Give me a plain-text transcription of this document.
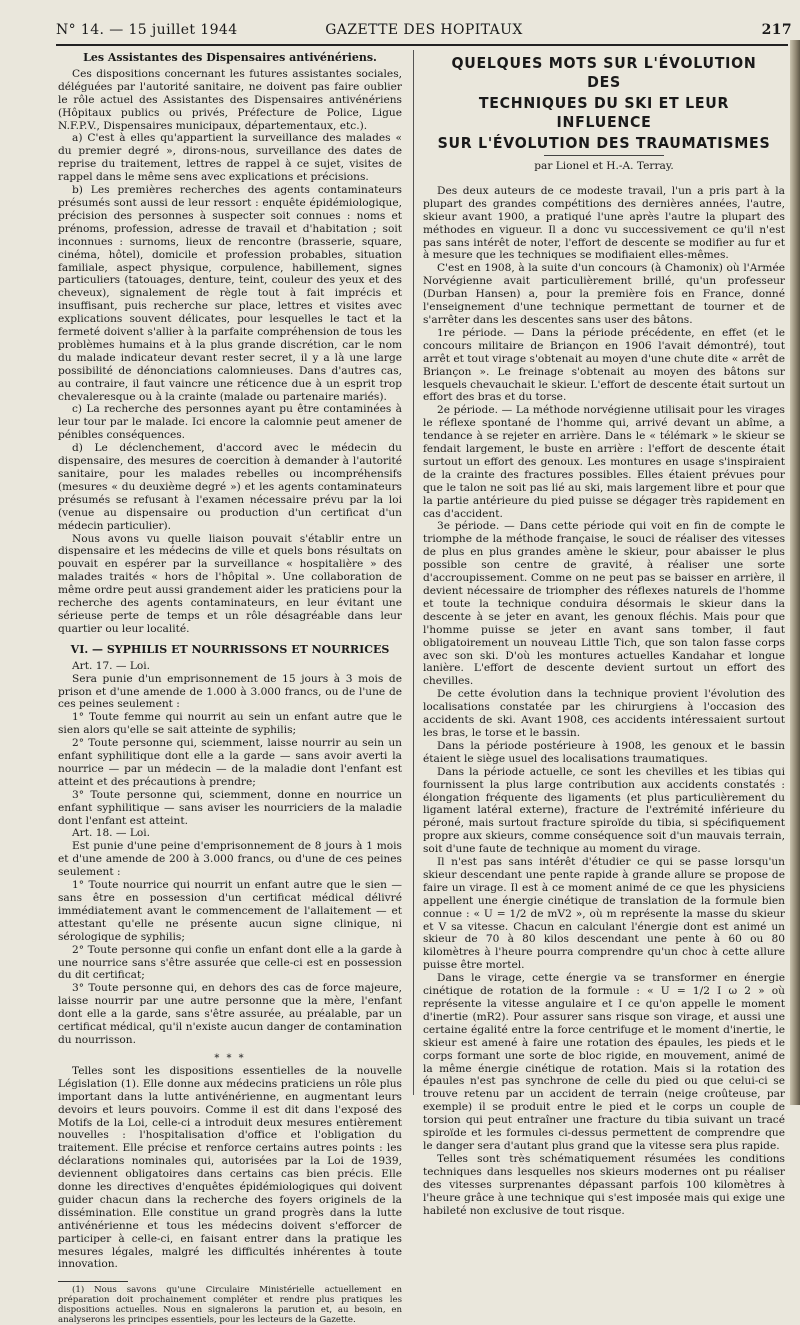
N° 14. — 15 juillet 1944	GAZETTE DES HOPITAUX	217
Les Assistantes des Dispensaires antivénériens.

Ces dispositions concernant les futures assistantes sociales, déléguées par l'autorité sanitaire, ne doivent pas faire oublier le rôle actuel des Assistantes des Dispensaires antivénériens (Hôpitaux publics ou privés, Préfecture de Police, Ligue N.F.P.V., Dispensaires municipaux, départementaux, etc.).

a) C'est à elles qu'appartient la surveillance des malades « du premier degré », dirons-nous, surveillance des dates de reprise du traitement, lettres de rappel à ce sujet, visites de rappel dans le même sens avec explications et précisions.

b) Les premières recherches des agents contaminateurs présumés sont aussi de leur ressort : enquête épidémiologique, précision des personnes à suspecter soit connues : noms et prénoms, profession, adresse de travail et d'habitation ; soit inconnues : surnoms, lieux de rencontre (brasserie, square, cinéma, hôtel), domicile et profession probables, situation familiale, aspect physique, corpulence, habillement, signes particuliers (tatouages, denture, teint, couleur des yeux et des cheveux), signalement de règle tout à fait imprécis et insuffisant, puis recherche sur place, lettres et visites avec explications souvent délicates, pour lesquelles le tact et la fermeté doivent s'allier à la parfaite compréhension de tous les problèmes humains et à la plus grande discrétion, car le nom du malade indicateur devant rester secret, il y a là une large possibilité de dénonciations calomnieuses. Dans d'autres cas, au contraire, il faut vaincre une réticence due à un esprit trop chevaleresque ou à la crainte (malade ou partenaire mariés).

c) La recherche des personnes ayant pu être contaminées à leur tour par le malade. Ici encore la calomnie peut amener de pénibles conséquences.

d) Le déclenchement, d'accord avec le médecin du dispensaire, des mesures de coercition à demander à l'autorité sanitaire, pour les malades rebelles ou incompréhensifs (mesures « du deuxième degré ») et les agents contaminateurs présumés se refusant à l'examen nécessaire prévu par la loi (venue au dispensaire ou production d'un certificat d'un médecin particulier).

Nous avons vu quelle liaison pouvait s'établir entre un dispensaire et les médecins de ville et quels bons résultats on pouvait en espérer par la surveillance « hospitalière » des malades traités « hors de l'hôpital ». Une collaboration de même ordre peut aussi grandement aider les praticiens pour la recherche des agents contaminateurs, en leur évitant une sérieuse perte de temps et un rôle désagréable dans leur quartier ou leur localité.

VI. — SYPHILIS ET NOURRISSONS ET NOURRICES

Art. 17. — Loi.

Sera punie d'un emprisonnement de 15 jours à 3 mois de prison et d'une amende de 1.000 à 3.000 francs, ou de l'une de ces peines seulement :

1° Toute femme qui nourrit au sein un enfant autre que le sien alors qu'elle se sait atteinte de syphilis;

2° Toute personne qui, sciemment, laisse nourrir au sein un enfant syphilitique dont elle a la garde — sans avoir averti la nourrice — par un médecin — de la maladie dont l'enfant est atteint et des précautions à prendre;

3° Toute personne qui, sciemment, donne en nourrice un enfant syphilitique — sans aviser les nourriciers de la maladie dont l'enfant est atteint.

Art. 18. — Loi.

Est punie d'une peine d'emprisonnement de 8 jours à 1 mois et d'une amende de 200 à 3.000 francs, ou d'une de ces peines seulement :

1° Toute nourrice qui nourrit un enfant autre que le sien — sans être en possession d'un certificat médical délivré immédiatement avant le commencement de l'allaitement — et attestant qu'elle ne présente aucun signe clinique, ni sérologique de syphilis;

2° Toute personne qui confie un enfant dont elle a la garde à une nourrice sans s'être assurée que celle-ci est en possession du dit certificat;

3° Toute personne qui, en dehors des cas de force majeure, laisse nourrir par une autre personne que la mère, l'enfant dont elle a la garde, sans s'être assurée, au préalable, par un certificat médical, qu'il n'existe aucun danger de contamination du nourrisson.

* * *

Telles sont les dispositions essentielles de la nouvelle Législation (1). Elle donne aux médecins praticiens un rôle plus important dans la lutte antivénérienne, en augmentant leurs devoirs et leurs pouvoirs. Comme il est dit dans l'exposé des Motifs de la Loi, celle-ci a introduit deux mesures entièrement nouvelles : l'hospitalisation d'office et l'obligation du traitement. Elle précise et renforce certains autres points : les déclarations nominales qui, autorisées par la Loi de 1939, deviennent obligatoires dans certains cas bien précis. Elle donne les directives d'enquêtes épidémiologiques qui doivent guider chacun dans la recherche des foyers originels de la dissémination. Elle constitue un grand progrès dans la lutte antivénérienne et tous les médecins doivent s'efforcer de participer à celle-ci, en faisant entrer dans la pratique les mesures légales, malgré les difficultés inhérentes à toute innovation.

(1) Nous savons qu'une Circulaire Ministérielle actuellement en préparation doit prochainement compléter et rendre plus pratiques les dispositions actuelles. Nous en signalerons la parution et, au besoin, en analyserons les principes essentiels, pour les lecteurs de la Gazette.

QUELQUES MOTS SUR L'ÉVOLUTION DES
TECHNIQUES DU SKI ET LEUR INFLUENCE
SUR L'ÉVOLUTION DES TRAUMATISMES
par Lionel et H.-A. Terray.

Des deux auteurs de ce modeste travail, l'un a pris part à la plupart des grandes compétitions des dernières années, l'autre, skieur avant 1900, a pratiqué l'une après l'autre la plupart des méthodes en vigueur. Il a donc vu successivement ce qu'il n'est pas sans intérêt de noter, l'effort de descente se modifier au fur et à mesure que les techniques se modifiaient elles-mêmes.

C'est en 1908, à la suite d'un concours (à Chamonix) où l'Armée Norvégienne avait particulièrement brillé, qu'un professeur (Durban Hansen) a, pour la première fois en France, donné l'enseignement d'une technique permettant de tourner et de s'arrêter dans les descentes sans user des bâtons.

1re période. — Dans la période précédente, en effet (et le concours militaire de Briançon en 1906 l'avait démontré), tout arrêt et tout virage s'obtenait au moyen d'une chute dite « arrêt de Briançon ». Le freinage s'obtenait au moyen des bâtons sur lesquels chevauchait le skieur. L'effort de descente était surtout un effort des bras et du torse.

2e période. — La méthode norvégienne utilisait pour les virages le réflexe spontané de l'homme qui, arrivé devant un abîme, a tendance à se rejeter en arrière. Dans le « télémark » le skieur se fendait largement, le buste en arrière : l'effort de descente était surtout un effort des genoux. Les montures en usage s'inspiraient de la crainte des fractures possibles. Elles étaient prévues pour que le talon ne soit pas lié au ski, mais largement libre et pour que la partie antérieure du pied puisse se dégager très rapidement en cas d'accident.

3e période. — Dans cette période qui voit en fin de compte le triomphe de la méthode française, le souci de réaliser des vitesses de plus en plus grandes amène le skieur, pour abaisser le plus possible son centre de gravité, à réaliser une sorte d'accroupissement. Comme on ne peut pas se baisser en arrière, il devient nécessaire de triompher des réflexes naturels de l'homme et toute la technique conduira désormais le skieur dans la descente à se jeter en avant, les genoux fléchis. Mais pour que l'homme puisse se jeter en avant sans tomber, il faut obligatoirement un nouveau Little Tich, que son talon fasse corps avec son ski. D'où les montures actuelles Kandahar et longue lanière. L'effort de descente devient surtout un effort des chevilles.

De cette évolution dans la technique provient l'évolution des localisations constatée par les chirurgiens à l'occasion des accidents de ski. Avant 1908, ces accidents intéressaient surtout les bras, le torse et le bassin.

Dans la période postérieure à 1908, les genoux et le bassin étaient le siège usuel des localisations traumatiques.

Dans la période actuelle, ce sont les chevilles et les tibias qui fournissent la plus large contribution aux accidents constatés : élongation fréquente des ligaments (et plus particulièrement du ligament latéral externe), fracture de l'extrémité inférieure du péroné, mais surtout fracture spiroïde du tibia, si spécifiquement propre aux skieurs, comme conséquence soit d'un mauvais terrain, soit d'une faute de technique au moment du virage.

Il n'est pas sans intérêt d'étudier ce qui se passe lorsqu'un skieur descendant une pente rapide à grande allure se propose de faire un virage. Il est à ce moment animé de ce que les physiciens appellent une énergie cinétique de translation de la formule bien connue : « U = 1/2 de mV2 », où m représente la masse du skieur et V sa vitesse. Chacun en calculant l'énergie dont est animé un skieur de 70 à 80 kilos descendant une pente à 60 ou 80 kilomètres à l'heure pourra comprendre qu'un choc à cette allure puisse être mortel.

Dans le virage, cette énergie va se transformer en énergie cinétique de rotation de la formule : « U = 1/2 I ω 2 » où représente la vitesse angulaire et I ce qu'on appelle le moment d'inertie (mR2). Pour assurer sans risque son virage, et aussi une certaine égalité entre la force centrifuge et le moment d'inertie, le skieur est amené à faire une rotation des épaules, les pieds et le corps formant une sorte de bloc rigide, en mouvement, animé de la même énergie cinétique de rotation. Mais si la rotation des épaules n'est pas synchrone de celle du pied ou que celui-ci se trouve retenu par un accident de terrain (neige croûteuse, par exemple) il se produit entre le pied et le corps un couple de torsion qui peut entraîner une fracture du tibia suivant un tracé spiroïde et les formules ci-dessus permettent de comprendre que le danger sera d'autant plus grand que la vitesse sera plus rapide.

Telles sont très schématiquement résumées les conditions techniques dans lesquelles nos skieurs modernes ont pu réaliser des vitesses surprenantes dépassant parfois 100 kilomètres à l'heure grâce à une technique qui s'est imposée mais qui exige une habileté non exclusive de tout risque.
